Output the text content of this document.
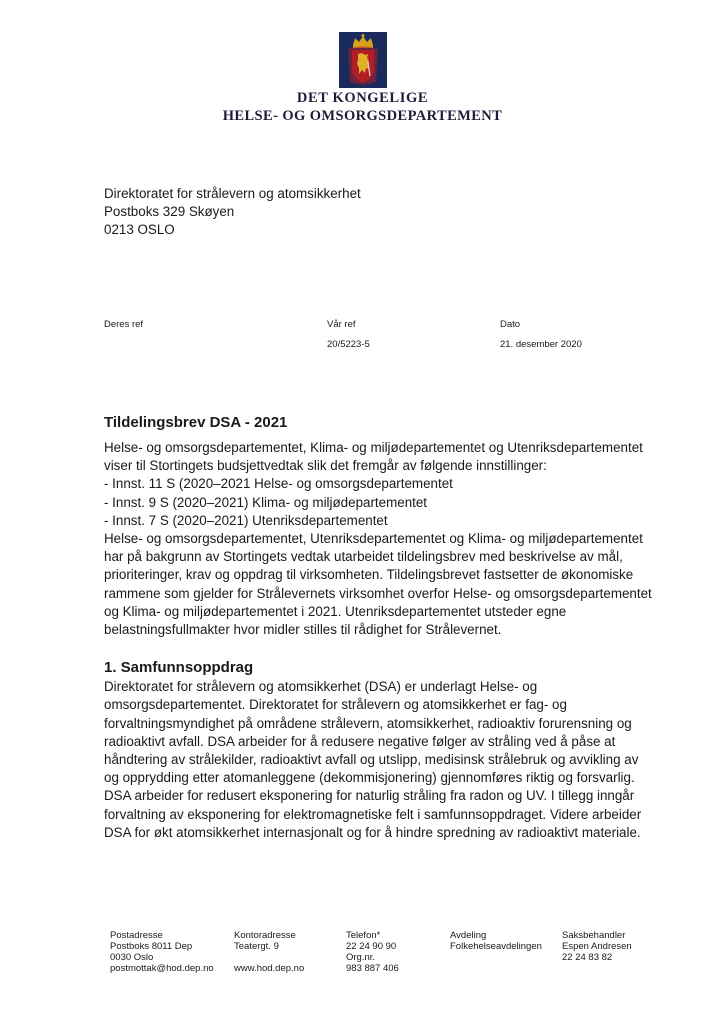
DET KONGELIGE
HELSE- OG OMSORGSDEPARTEMENT
Direktoratet for strålevern og atomsikkerhet
Postboks 329 Skøyen
0213 OSLO
Deres ref	Vår ref
20/5223-5
Dato
21. desember 2020
Tildelingsbrev DSA - 2021
Helse- og omsorgsdepartementet, Klima- og miljødepartementet og Utenriksdepartementet
viser til Stortingets budsjettvedtak slik det fremgår av følgende innstillinger:
- Innst. 11 S (2020–2021 Helse- og omsorgsdepartementet
- Innst. 9 S (2020–2021) Klima- og miljødepartementet
- Innst. 7 S (2020–2021) Utenriksdepartementet
Helse- og omsorgsdepartementet, Utenriksdepartementet og Klima- og miljødepartementet
har på bakgrunn av Stortingets vedtak utarbeidet tildelingsbrev med beskrivelse av mål,
prioriteringer, krav og oppdrag til virksomheten. Tildelingsbrevet fastsetter de økonomiske
rammene som gjelder for Strålevernets virksomhet overfor Helse- og omsorgsdepartementet
og Klima- og miljødepartementet i 2021. Utenriksdepartementet utsteder egne
belastningsfullmakter hvor midler stilles til rådighet for Strålevernet.
1. Samfunnsoppdrag
Direktoratet for strålevern og atomsikkerhet (DSA) er underlagt Helse- og
omsorgsdepartementet. Direktoratet for strålevern og atomsikkerhet er fag- og
forvaltningsmyndighet på områdene strålevern, atomsikkerhet, radioaktiv forurensning og
radioaktivt avfall. DSA arbeider for å redusere negative følger av stråling ved å påse at
håndtering av strålekilder, radioaktivt avfall og utslipp, medisinsk strålebruk og avvikling av
og opprydding etter atomanleggene (dekommisjonering) gjennomføres riktig og forsvarlig.
DSA arbeider for redusert eksponering for naturlig stråling fra radon og UV. I tillegg inngår
forvaltning av eksponering for elektromagnetiske felt i samfunnsoppdraget. Videre arbeider
DSA for økt atomsikkerhet internasjonalt og for å hindre spredning av radioaktivt materiale.
Postadresse
Postboks 8011 Dep
0030 Oslo
postmottak@hod.dep.no
Kontoradresse
Teatergt. 9
www.hod.dep.no
Telefon*
22 24 90 90
Org.nr.
983 887 406
Avdeling
Folkehelseavdelingen
Saksbehandler
Espen Andresen
22 24 83 82
